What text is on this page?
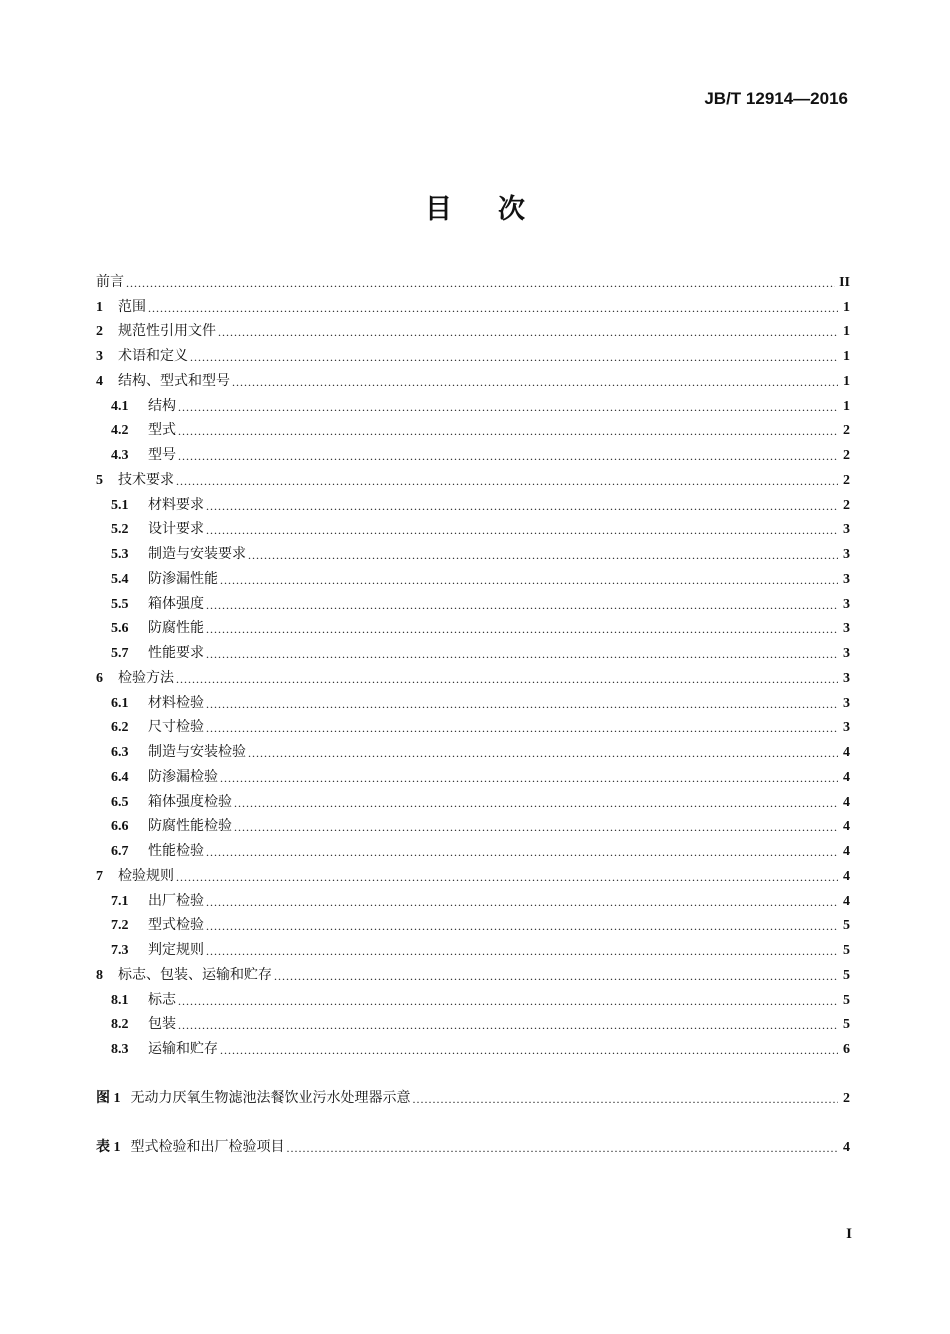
JB/T 12914—2016
目 次
前言 .....	II
1	范围 .....	1
2	规范性引用文件 .....	1
3	术语和定义 .....	1
4	结构、型式和型号 .....	1
4.1	结构 .....	1
4.2	型式 .....	2
4.3	型号 .....	2
5	技术要求 .....	2
5.1	材料要求 .....	2
5.2	设计要求 .....	3
5.3	制造与安装要求 .....	3
5.4	防渗漏性能 .....	3
5.5	箱体强度 .....	3
5.6	防腐性能 .....	3
5.7	性能要求 .....	3
6	检验方法 .....	3
6.1	材料检验 .....	3
6.2	尺寸检验 .....	3
6.3	制造与安装检验 .....	4
6.4	防渗漏检验 .....	4
6.5	箱体强度检验 .....	4
6.6	防腐性能检验 .....	4
6.7	性能检验 .....	4
7	检验规则 .....	4
7.1	出厂检验 .....	4
7.2	型式检验 .....	5
7.3	判定规则 .....	5
8	标志、包装、运输和贮存 .....	5
8.1	标志 .....	5
8.2	包装 .....	5
8.3	运输和贮存 .....	6
图 1 无动力厌氧生物滤池法餐饮业污水处理器示意 .....	2
表 1 型式检验和出厂检验项目 .....	4
I
